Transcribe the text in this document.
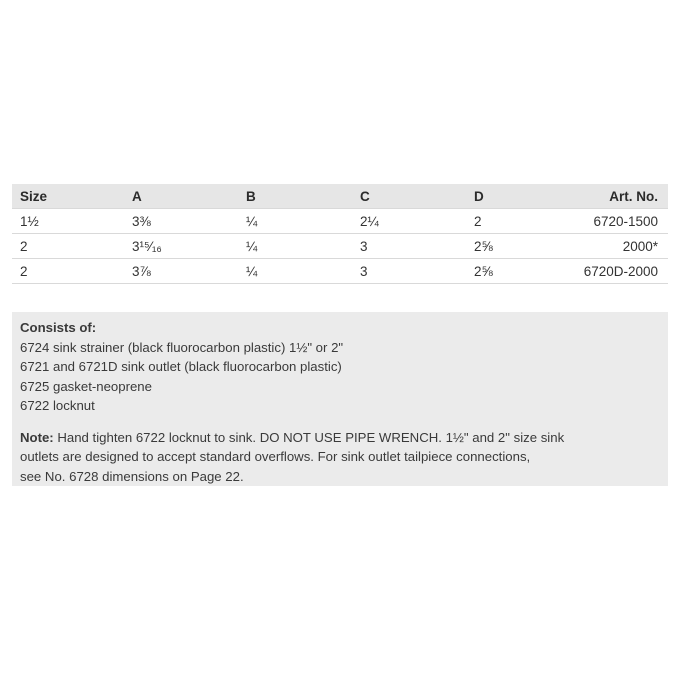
Size	A	B	C	D	Art. No.
1½	3⅜	¼	2¼	2	6720-1500
2	3¹⁵⁄₁₆	¼	3	2⅝	2000*
2	3⅞	¼	3	2⅝	6720D-2000

Consists of:

6724 sink strainer (black fluorocarbon plastic) 1½" or 2"

6721 and 6721D sink outlet (black fluorocarbon plastic)

6725 gasket-neoprene

6722 locknut

Note: Hand tighten 6722 locknut to sink. DO NOT USE PIPE WRENCH. 1½" and 2" size sink

outlets are designed to accept standard overflows. For sink outlet tailpiece connections,

see No. 6728 dimensions on Page 22.
